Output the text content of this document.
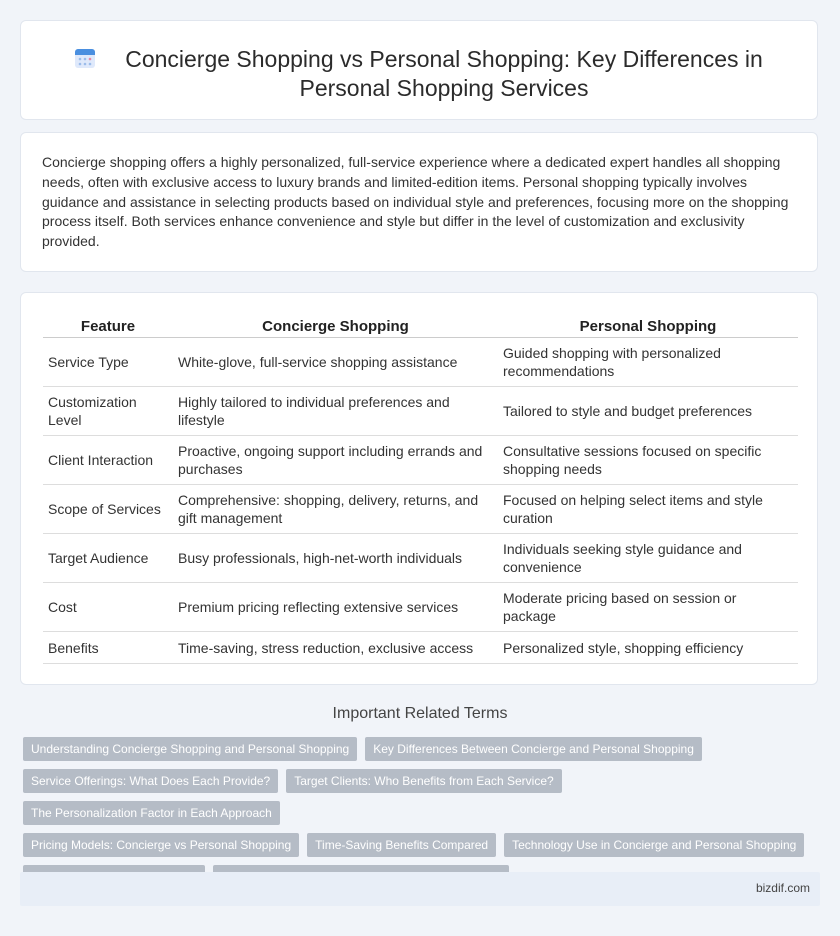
Concierge Shopping vs Personal Shopping: Key Differences in Personal Shopping Services

Concierge shopping offers a highly personalized, full-service experience where a dedicated expert handles all shopping needs, often with exclusive access to luxury brands and limited-edition items. Personal shopping typically involves guidance and assistance in selecting products based on individual style and preferences, focusing more on the shopping process itself. Both services enhance convenience and style but differ in the level of customization and exclusivity provided.

Feature	Concierge Shopping	Personal Shopping
Service Type	White-glove, full-service shopping assistance	Guided shopping with personalized recommendations
Customization Level	Highly tailored to individual preferences and lifestyle	Tailored to style and budget preferences
Client Interaction	Proactive, ongoing support including errands and purchases	Consultative sessions focused on specific shopping needs
Scope of Services	Comprehensive: shopping, delivery, returns, and gift management	Focused on helping select items and style curation
Target Audience	Busy professionals, high-net-worth individuals	Individuals seeking style guidance and convenience
Cost	Premium pricing reflecting extensive services	Moderate pricing based on session or package
Benefits	Time-saving, stress reduction, exclusive access	Personalized style, shopping efficiency
Important Related Terms
Understanding Concierge Shopping and Personal Shopping Key Differences Between Concierge and Personal Shopping
Service Offerings: What Does Each Provide? Target Clients: Who Benefits from Each Service?The Personalization Factor in Each Approach
Pricing Models: Concierge vs Personal Shopping Time-Saving Benefits Compared Technology Use in Concierge and Personal Shopping

bizdif.com
